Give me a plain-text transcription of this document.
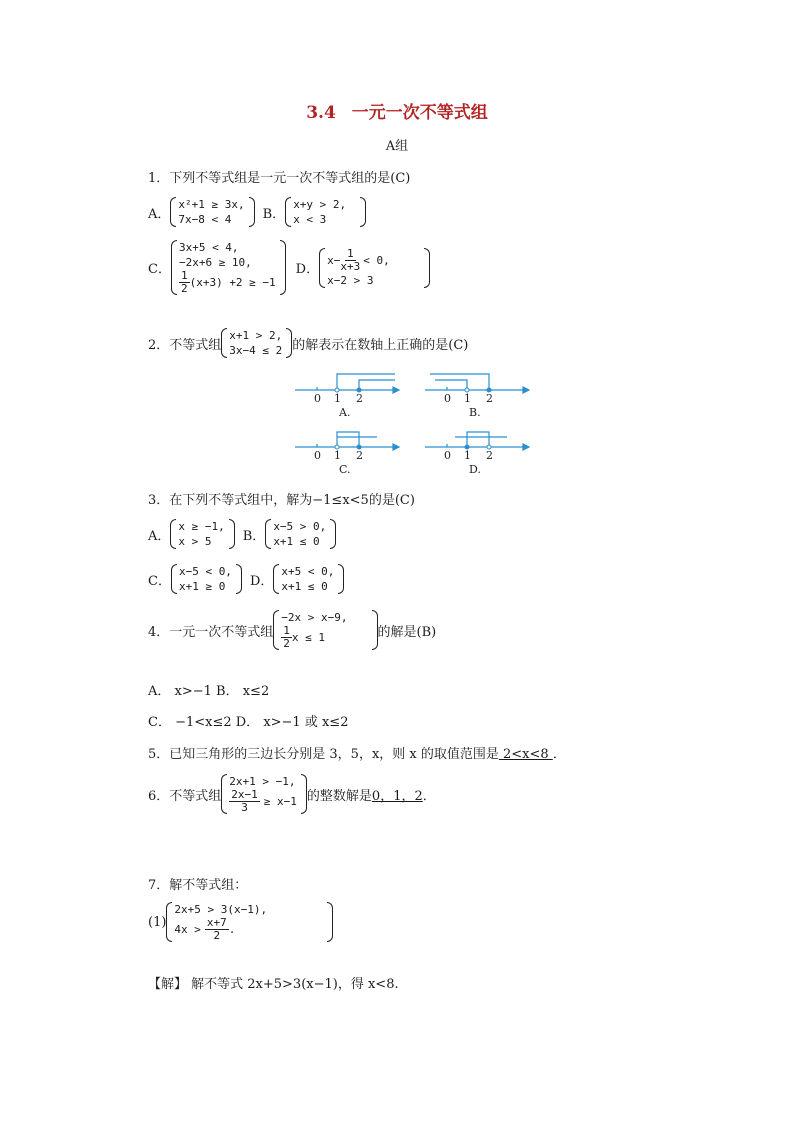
3.4 一元一次不等式组
A组
1．下列不等式组是一元一次不等式组的是(C)
A．
x²+1 ≥ 3x,
7x−8 < 4	B．
x+y > 2,
x < 3
C．
3x+5 < 4,
−2x+6 ≥ 10,
$\frac{1}{2} (x+3) +2 \ge -1$
D．
$x- \frac{1}{x+3} < 0$,
x−2 > 3
2．不等式组
x+1 > 2,
3x−4 ≤ 2 的解表示在数轴上正确的是(C)
0 1 2
A.
0 1 2
B.
0 1 2
C.
0 1 2
D.
3．在下列不等式组中，解为−1≤x<5的是(C)
A．
x ≥ −1,
x > 5	B．
x−5 > 0,
x+1 ≤ 0
C．
x−5 < 0,
x+1 ≥ 0	D．
x+5 < 0,
x+1 ≤ 0
4．一元一次不等式组
−2x > x−9,
$\frac{1}{2}$ x ≤ 1	的解是(B)
A． x>−1 B． x≤2
C． −1<x≤2 D． x>−1 或 x≤2
5．已知三角形的三边长分别是 3，5，x，则 x 的取值范围是 2<x<8 ．
6．不等式组
2x+1 > −1,
$\frac{2x-1}{3} \ge x-1$ 的整数解是 0，1，2 ．
7．解不等式组：
(1)
2x+5 > 3(x−1),
$4x > \frac{x+7}{2}$ .
【解】 解不等式 2x+5>3(x−1)，得 x<8.
